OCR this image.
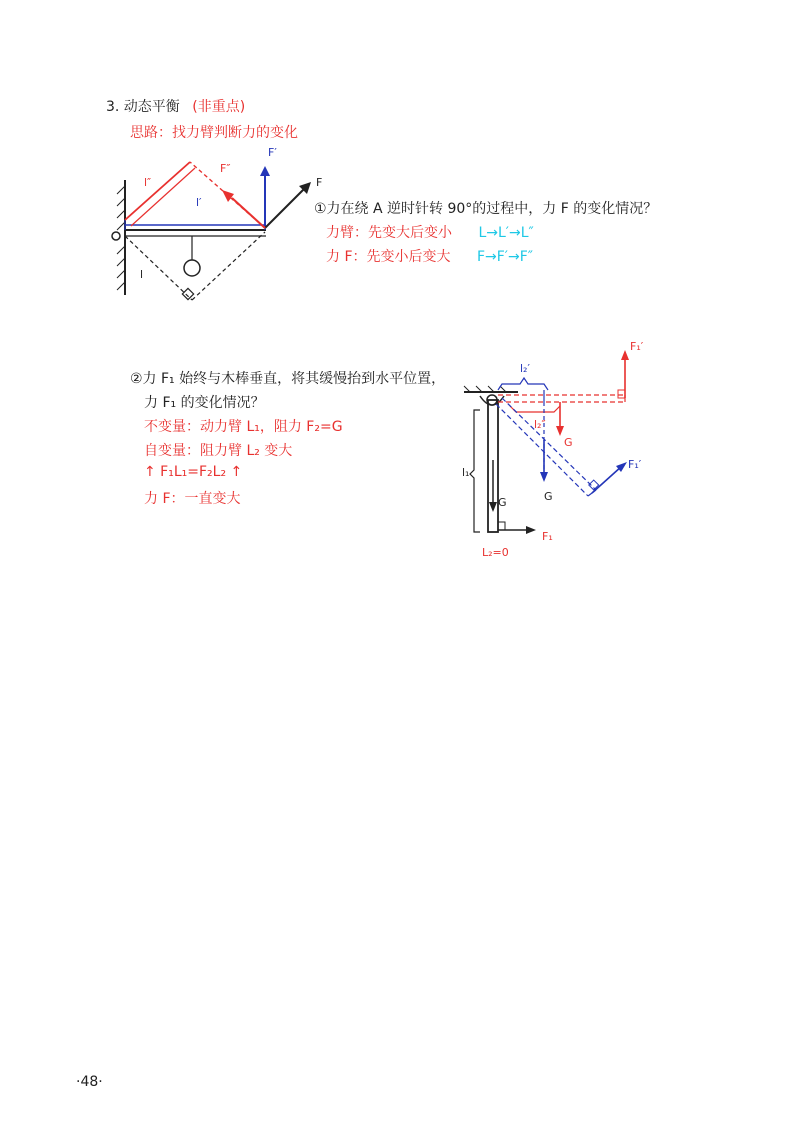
3. 动态平衡 (非重点)
思路：找力臂判断力的变化
F′
F
F″
l″
l′
l
①力在绕 A 逆时针转 90°的过程中，力 F 的变化情况？
力臂：先变大后变小 L→L′→L″
力 F：先变小后变大 F→F′→F″
②力 F₁ 始终与木棒垂直，将其缓慢抬到水平位置，
力 F₁ 的变化情况？
不变量：动力臂 L₁，阻力 F₂=G
自变量：阻力臂 L₂ 变大
↑ F₁L₁=F₂L₂ ↑
力 F：一直变大
F₁′
l₂′
l₂″
G
F₁′
l₁
G
G
F₁
L₂=0
·48·
